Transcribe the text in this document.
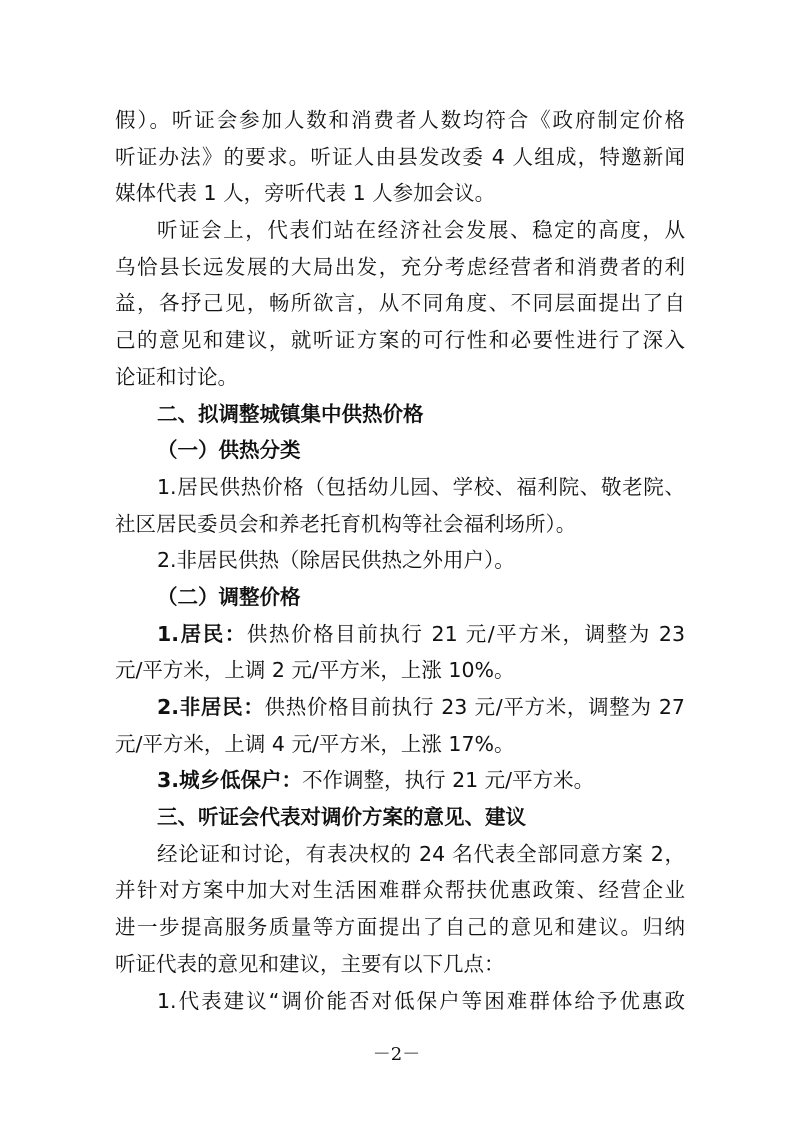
假）。听证会参加人数和消费者人数均符合《政府制定价格
听证办法》的要求。听证人由县发改委 4 人组成，特邀新闻
媒体代表 1 人，旁听代表 1 人参加会议。
听证会上，代表们站在经济社会发展、稳定的高度，从
乌恰县长远发展的大局出发，充分考虑经营者和消费者的利
益，各抒己见，畅所欲言，从不同角度、不同层面提出了自
己的意见和建议，就听证方案的可行性和必要性进行了深入
论证和讨论。
二、拟调整城镇集中供热价格
（一）供热分类
1.居民供热价格（包括幼儿园、学校、福利院、敬老院、
社区居民委员会和养老托育机构等社会福利场所）。
2.非居民供热（除居民供热之外用户）。
（二）调整价格
1.居民：供热价格目前执行 21 元/平方米，调整为 23
元/平方米，上调 2 元/平方米，上涨 10%。
2.非居民：供热价格目前执行 23 元/平方米，调整为 27
元/平方米，上调 4 元/平方米，上涨 17%。
3.城乡低保户：不作调整，执行 21 元/平方米。
三、听证会代表对调价方案的意见、建议
经论证和讨论，有表决权的 24 名代表全部同意方案 2，
并针对方案中加大对生活困难群众帮扶优惠政策、经营企业
进一步提高服务质量等方面提出了自己的意见和建议。归纳
听证代表的意见和建议，主要有以下几点：
1.代表建议“调价能否对低保户等困难群体给予优惠政
－2－
